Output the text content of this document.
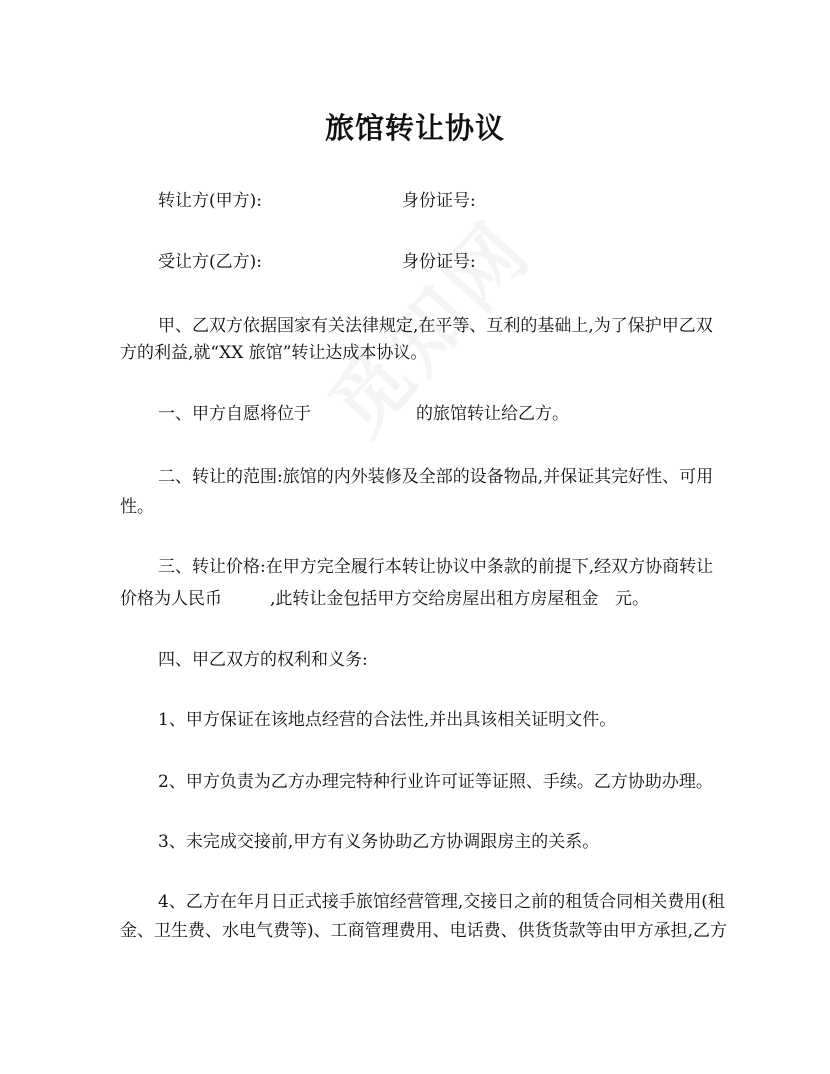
旅馆转让协议
转让方(甲方):	身份证号:
受让方(乙方):	身份证号:
甲、乙双方依据国家有关法律规定,在平等、互利的基础上,为了保护甲乙双
方的利益,就“XX 旅馆”转让达成本协议。
一、甲方自愿将位于	的旅馆转让给乙方。
二、转让的范围:旅馆的内外装修及全部的设备物品,并保证其完好性、可用
性。
三、转让价格:在甲方完全履行本转让协议中条款的前提下,经双方协商转让
价格为人民币	,此转让金包括甲方交给房屋出租方房屋租金 元。
四、甲乙双方的权利和义务:
1、甲方保证在该地点经营的合法性,并出具该相关证明文件。
2、甲方负责为乙方办理完特种行业许可证等证照、手续。乙方协助办理。
3、未完成交接前,甲方有义务协助乙方协调跟房主的关系。
4、乙方在年月日正式接手旅馆经营管理,交接日之前的租赁合同相关费用(租
金、卫生费、水电气费等)、工商管理费用、电话费、供货货款等由甲方承担,乙方
